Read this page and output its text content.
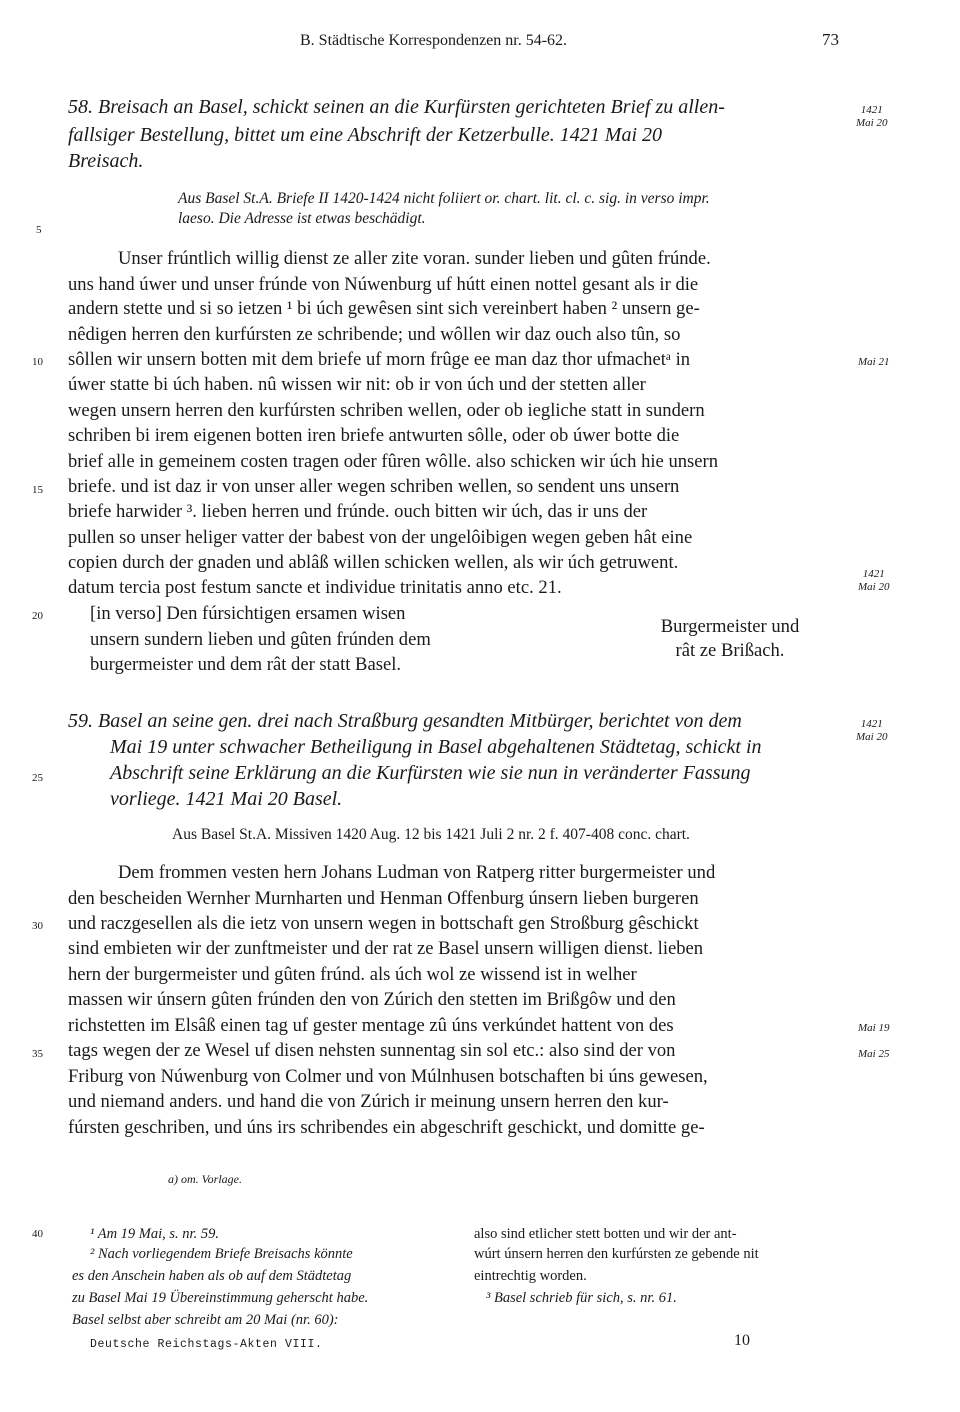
B. Städtische Korrespondenzen nr. 54-62.	73
58. Breisach an Basel, schickt seinen an die Kurfürsten gerichteten Brief zu allen-
fallsiger Bestellung, bittet um eine Abschrift der Ketzerbulle. 1421 Mai 20
Breisach.
1421
Mai 20
Aus Basel St.A. Briefe II 1420-1424 nicht foliiert or. chart. lit. cl. c. sig. in verso impr.
laeso. Die Adresse ist etwas beschädigt.
Unser frúntlich willig dienst ze aller zite voran. sunder lieben und gûten frúnde.
uns hand úwer und unser frúnde von Núwenburg uf hútt einen nottel gesant als ir die
andern stette und si so ietzen ¹ bi úch gewêsen sint sich vereinbert haben ² unsern ge-
nêdigen herren den kurfúrsten ze schribende; und wôllen wir daz ouch also tûn, so
sôllen wir unsern botten mit dem briefe uf morn frûge ee man daz thor ufmachetᵃ in
úwer statte bi úch haben. nû wissen wir nit: ob ir von úch und der stetten aller
wegen unsern herren den kurfúrsten schriben wellen, oder ob iegliche statt in sundern
schriben bi irem eigenen botten iren briefe antwurten sôlle, oder ob úwer botte die
brief alle in gemeinem costen tragen oder fûren wôlle. also schicken wir úch hie unsern
briefe. und ist daz ir von unser aller wegen schriben wellen, so sendent uns unsern
briefe harwider ³. lieben herren und frúnde. ouch bitten wir úch, das ir uns der
pullen so unser heliger vatter der babest von der ungelôibigen wegen geben hât eine
copien durch der gnaden und ablâß willen schicken wellen, als wir úch getruwent.
datum tercia post festum sancte et individue trinitatis anno etc. 21.
Mai 21
1421
Mai 20
[in verso] Den fúrsichtigen ersamen wisen
unsern sundern lieben und gûten frúnden dem
burgermeister und dem rât der statt Basel.
Burgermeister und
rât ze Brißach.
59. Basel an seine gen. drei nach Straßburg gesandten Mitbürger, berichtet von dem
Mai 19 unter schwacher Betheiligung in Basel abgehaltenen Städtetag, schickt in
Abschrift seine Erklärung an die Kurfürsten wie sie nun in veränderter Fassung
vorliege. 1421 Mai 20 Basel.
1421
Mai 20
Aus Basel St.A. Missiven 1420 Aug. 12 bis 1421 Juli 2 nr. 2 f. 407-408 conc. chart.
Dem frommen vesten hern Johans Ludman von Ratperg ritter burgermeister und
den bescheiden Wernher Murnharten und Henman Offenburg únsern lieben burgeren
und raczgesellen als die ietz von unsern wegen in bottschaft gen Stroßburg gêschickt
sind embieten wir der zunftmeister und der rat ze Basel unsern willigen dienst. lieben
hern der burgermeister und gûten frúnd. als úch wol ze wissend ist in welher
massen wir únsern gûten frúnden den von Zúrich den stetten im Brißgôw und den
richstetten im Elsâß einen tag uf gester mentage zû úns verkúndet hattent von des
tags wegen der ze Wesel uf disen nehsten sunnentag sin sol etc.: also sind der von
Friburg von Núwenburg von Colmer und von Múlnhusen botschaften bi úns gewesen,
und niemand anders. und hand die von Zúrich ir meinung unsern herren den kur-
fúrsten geschriben, und úns irs schribendes ein abgeschrift geschickt, und domitte ge-
Mai 19
Mai 25
5
10
15
20
25
30
35
40
a) om. Vorlage.
¹ Am 19 Mai, s. nr. 59.
² Nach vorliegendem Briefe Breisachs könnte
es den Anschein haben als ob auf dem Städtetag
zu Basel Mai 19 Übereinstimmung geherscht habe.
Basel selbst aber schreibt am 20 Mai (nr. 60):
also sind etlicher stett botten und wir der ant-
wúrt únsern herren den kurfúrsten ze gebende nit
eintrechtig worden.
³ Basel schrieb für sich, s. nr. 61.
Deutsche Reichstags-Akten VIII.	10
